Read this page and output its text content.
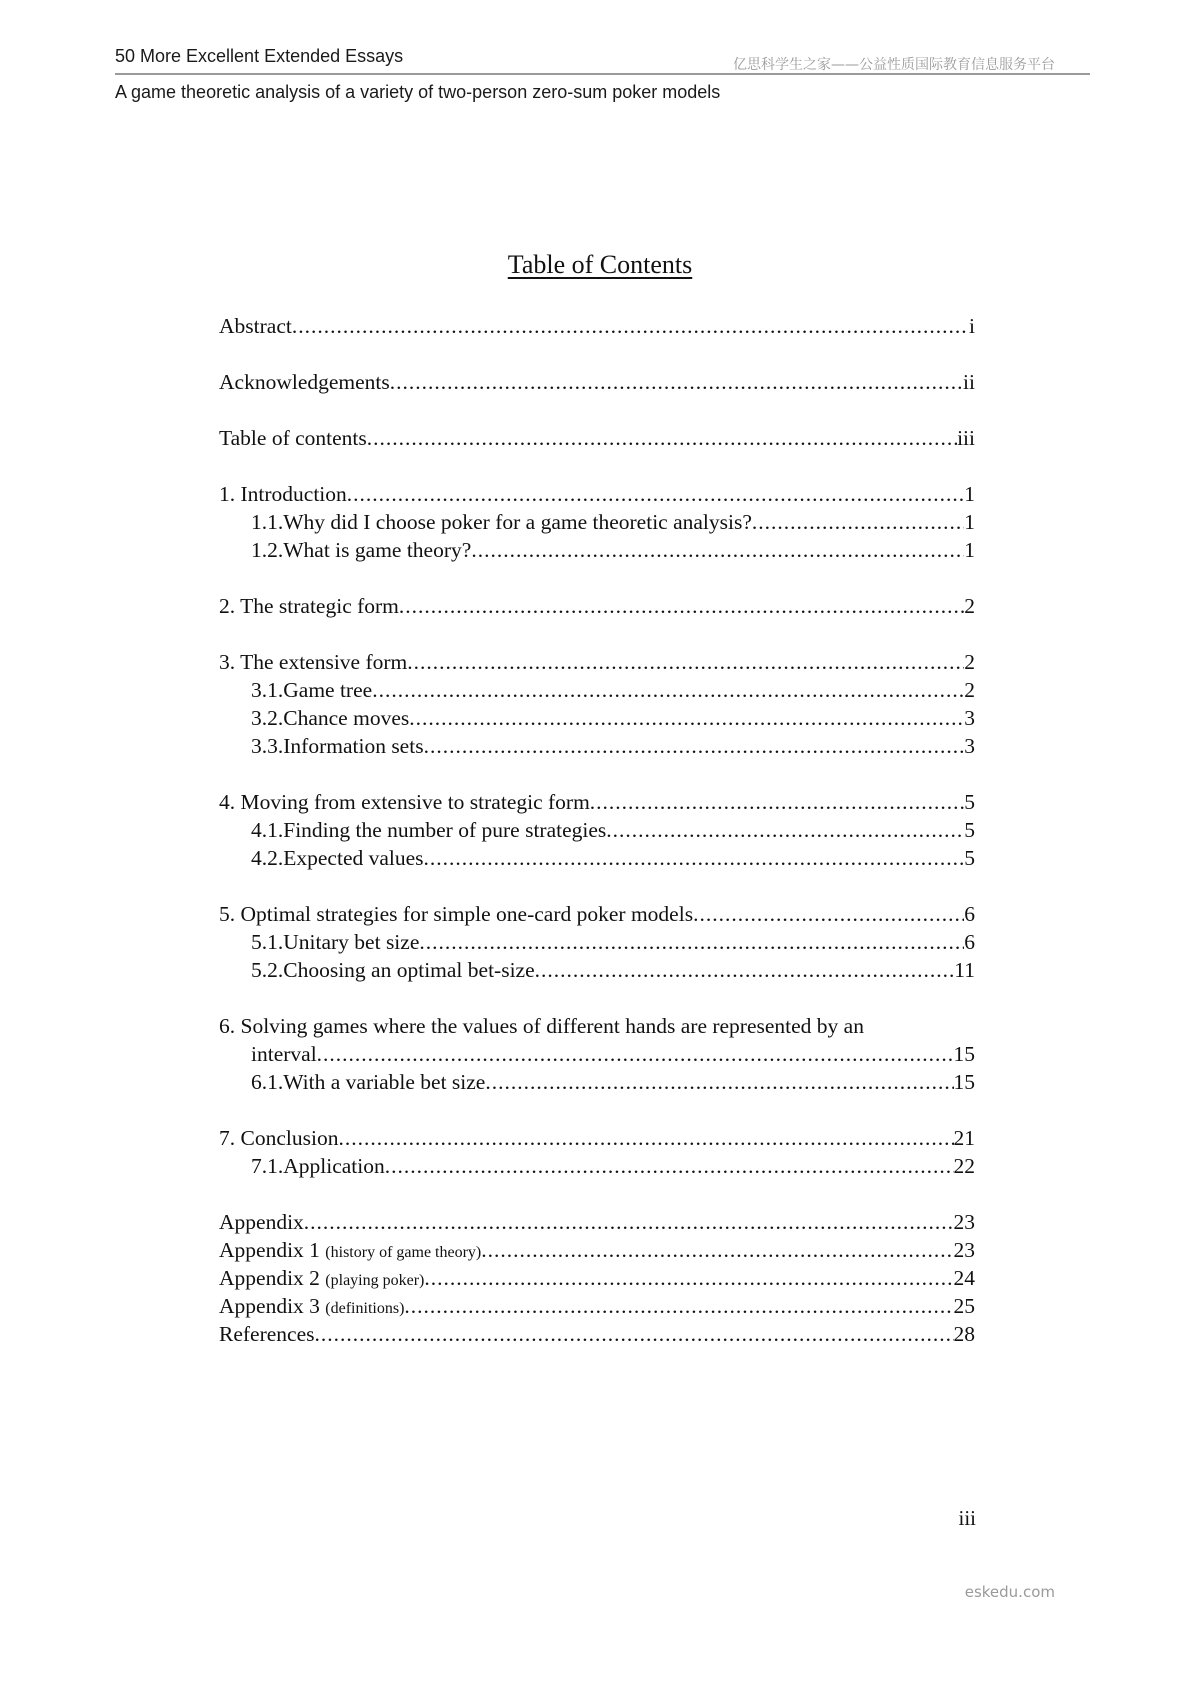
50 More Excellent Extended Essays	亿思科学生之家——公益性质国际教育信息服务平台
A game theoretic analysis of a variety of two-person zero-sum poker models
Table of Contents
Abstract .....	i
Acknowledgements .....	ii
Table of contents .....	iii
1. Introduction .....	1
1.1.Why did I choose poker for a game theoretic analysis? .....	1
1.2.What is game theory? .....	1
2. The strategic form .....	2
3. The extensive form .....	2
3.1.Game tree .....	2
3.2.Chance moves .....	3
3.3.Information sets .....	3
4. Moving from extensive to strategic form .....	5
4.1.Finding the number of pure strategies .....	5
4.2.Expected values .....	5
5. Optimal strategies for simple one-card poker models .....	6
5.1.Unitary bet size .....	6
5.2.Choosing an optimal bet-size .....	11
6. Solving games where the values of different hands are represented by an
interval .....	15
6.1.With a variable bet size .....	15
7. Conclusion .....	21
7.1.Application .....	22
Appendix .....	23
Appendix 1 (history of game theory) .....	23
Appendix 2 (playing poker) .....	24
Appendix 3 (definitions) .....	25
References .....	28
iii
eskedu.com
